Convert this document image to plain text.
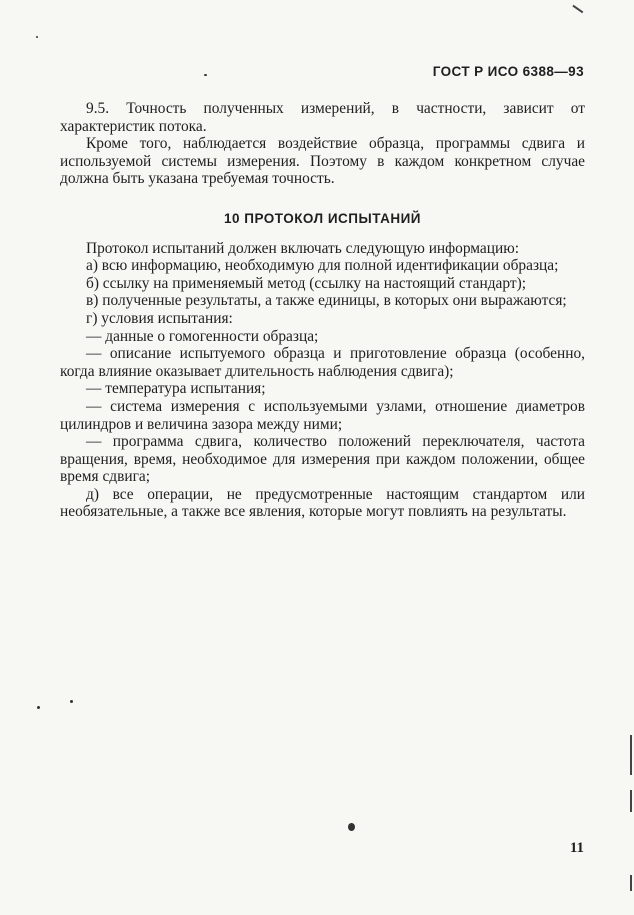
ГОСТ Р ИСО 6388—93

9.5. Точность полученных измерений, в частности, зависит от характеристик потока.

Кроме того, наблюдается воздействие образца, программы сдвига и используемой системы измерения. Поэтому в каждом конкретном случае должна быть указана требуемая точность.

10 ПРОТОКОЛ ИСПЫТАНИЙ

Протокол испытаний должен включать следующую информацию:

а) всю информацию, необходимую для полной идентификации образца;

б) ссылку на применяемый метод (ссылку на настоящий стандарт);

в) полученные результаты, а также единицы, в которых они выражаются;

г) условия испытания:

— данные о гомогенности образца;

— описание испытуемого образца и приготовление образца (особенно, когда влияние оказывает длительность наблюдения сдвига);

— температура испытания;

— система измерения с используемыми узлами, отношение диаметров цилиндров и величина зазора между ними;

— программа сдвига, количество положений переключателя, частота вращения, время, необходимое для измерения при каждом положении, общее время сдвига;

д) все операции, не предусмотренные настоящим стандартом или необязательные, а также все явления, которые могут повлиять на результаты.

11
